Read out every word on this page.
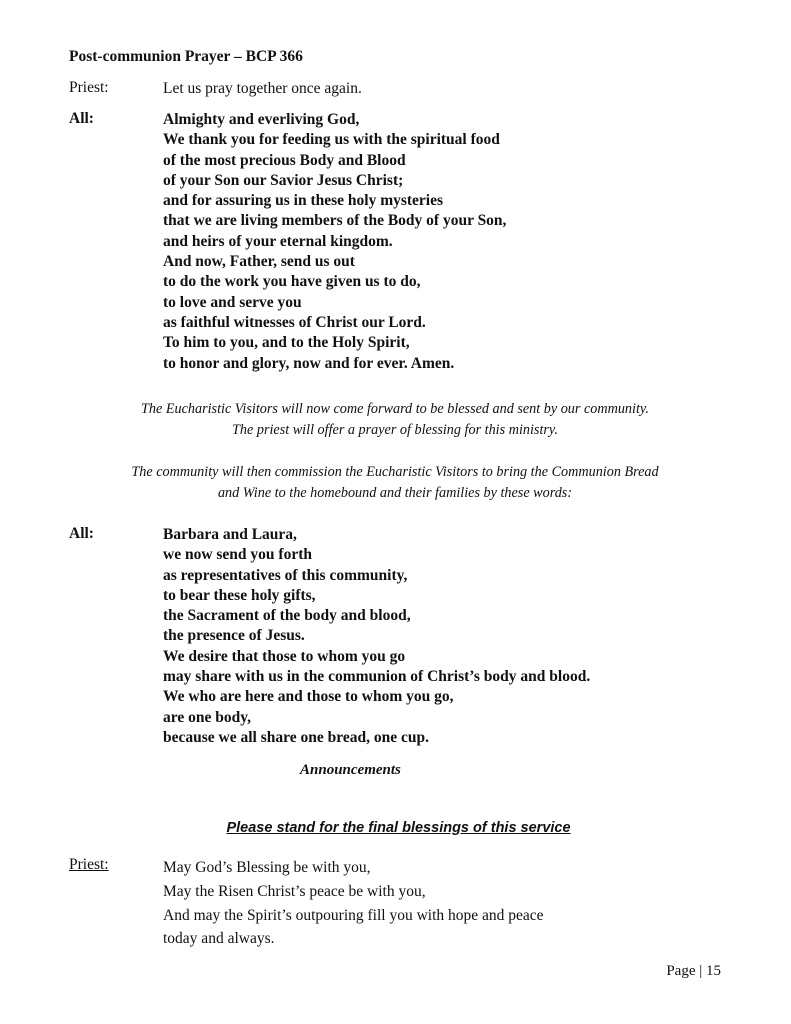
Post-communion Prayer – BCP 366
Priest:	Let us pray together once again.
All:	Almighty and everliving God,
We thank you for feeding us with the spiritual food
of the most precious Body and Blood
of your Son our Savior Jesus Christ;
and for assuring us in these holy mysteries
that we are living members of the Body of your Son,
and heirs of your eternal kingdom.
And now, Father, send us out
to do the work you have given us to do,
to love and serve you
as faithful witnesses of Christ our Lord.
To him to you, and to the Holy Spirit,
to honor and glory, now and for ever. Amen.
The Eucharistic Visitors will now come forward to be blessed and sent by our community.
The priest will offer a prayer of blessing for this ministry.
The community will then commission the Eucharistic Visitors to bring the Communion Bread
and Wine to the homebound and their families by these words:
All:	Barbara and Laura,
we now send you forth
as representatives of this community,
to bear these holy gifts,
the Sacrament of the body and blood,
the presence of Jesus.
We desire that those to whom you go
may share with us in the communion of Christ’s body and blood.
We who are here and those to whom you go,
are one body,
because we all share one bread, one cup.
Announcements
Please stand for the final blessings of this service
Priest:	May God’s Blessing be with you,
May the Risen Christ’s peace be with you,
And may the Spirit’s outpouring fill you with hope and peace
today and always.
Page | 15
